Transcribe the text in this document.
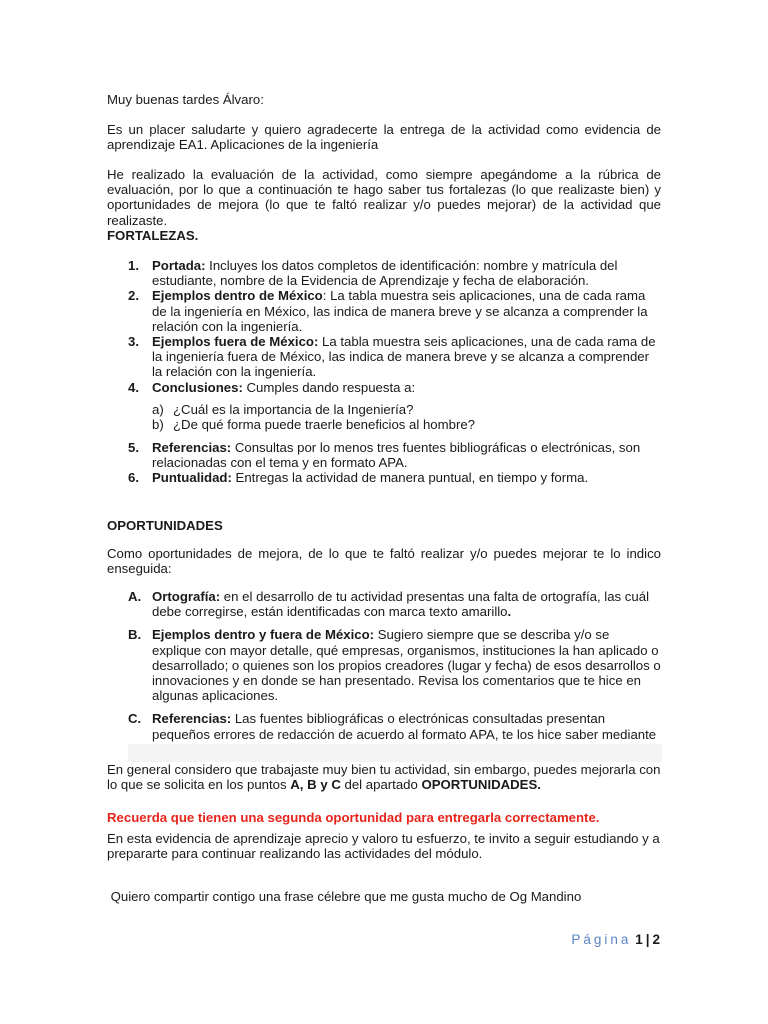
Muy buenas tardes Álvaro:

Es un placer saludarte y quiero agradecerte la entrega de la actividad como evidencia de aprendizaje EA1. Aplicaciones de la ingeniería

He realizado la evaluación de la actividad, como siempre apegándome a la rúbrica de evaluación, por lo que a continuación te hago saber tus fortalezas (lo que realizaste bien) y oportunidades de mejora (lo que te faltó realizar y/o puedes mejorar) de la actividad que realizaste.

FORTALEZAS.

1. Portada: Incluyes los datos completos de identificación: nombre y matrícula del estudiante, nombre de la Evidencia de Aprendizaje y fecha de elaboración.
2. Ejemplos dentro de México: La tabla muestra seis aplicaciones, una de cada rama de la ingeniería en México, las indica de manera breve y se alcanza a comprender la relación con la ingeniería.
3. Ejemplos fuera de México: La tabla muestra seis aplicaciones, una de cada rama de la ingeniería fuera de México, las indica de manera breve y se alcanza a comprender la relación con la ingeniería.
4. Conclusiones: Cumples dando respuesta a:
a) ¿Cuál es la importancia de la Ingeniería?
b) ¿De qué forma puede traerle beneficios al hombre?
5. Referencias: Consultas por lo menos tres fuentes bibliográficas o electrónicas, son relacionadas con el tema y en formato APA.
6. Puntualidad: Entregas la actividad de manera puntual, en tiempo y forma.

OPORTUNIDADES

Como oportunidades de mejora, de lo que te faltó realizar y/o puedes mejorar te lo indico enseguida:

A. Ortografía: en el desarrollo de tu actividad presentas una falta de ortografía, las cuál debe corregirse, están identificadas con marca texto amarillo.
B. Ejemplos dentro y fuera de México: Sugiero siempre que se describa y/o se explique con mayor detalle, qué empresas, organismos, instituciones la han aplicado o desarrollado; o quienes son los propios creadores (lugar y fecha) de esos desarrollos o innovaciones y en donde se han presentado. Revisa los comentarios que te hice en algunas aplicaciones.
C. Referencias: Las fuentes bibliográficas o electrónicas consultadas presentan pequeños errores de redacción de acuerdo al formato APA, te los hice saber mediante

En general considero que trabajaste muy bien tu actividad, sin embargo, puedes mejorarla con lo que se solicita en los puntos A, B y C del apartado OPORTUNIDADES.

Recuerda que tienen una segunda oportunidad para entregarla correctamente.

En esta evidencia de aprendizaje aprecio y valoro tu esfuerzo, te invito a seguir estudiando y a prepararte para continuar realizando las actividades del módulo.

Quiero compartir contigo una frase célebre que me gusta mucho de Og Mandino

Página 1 | 2
